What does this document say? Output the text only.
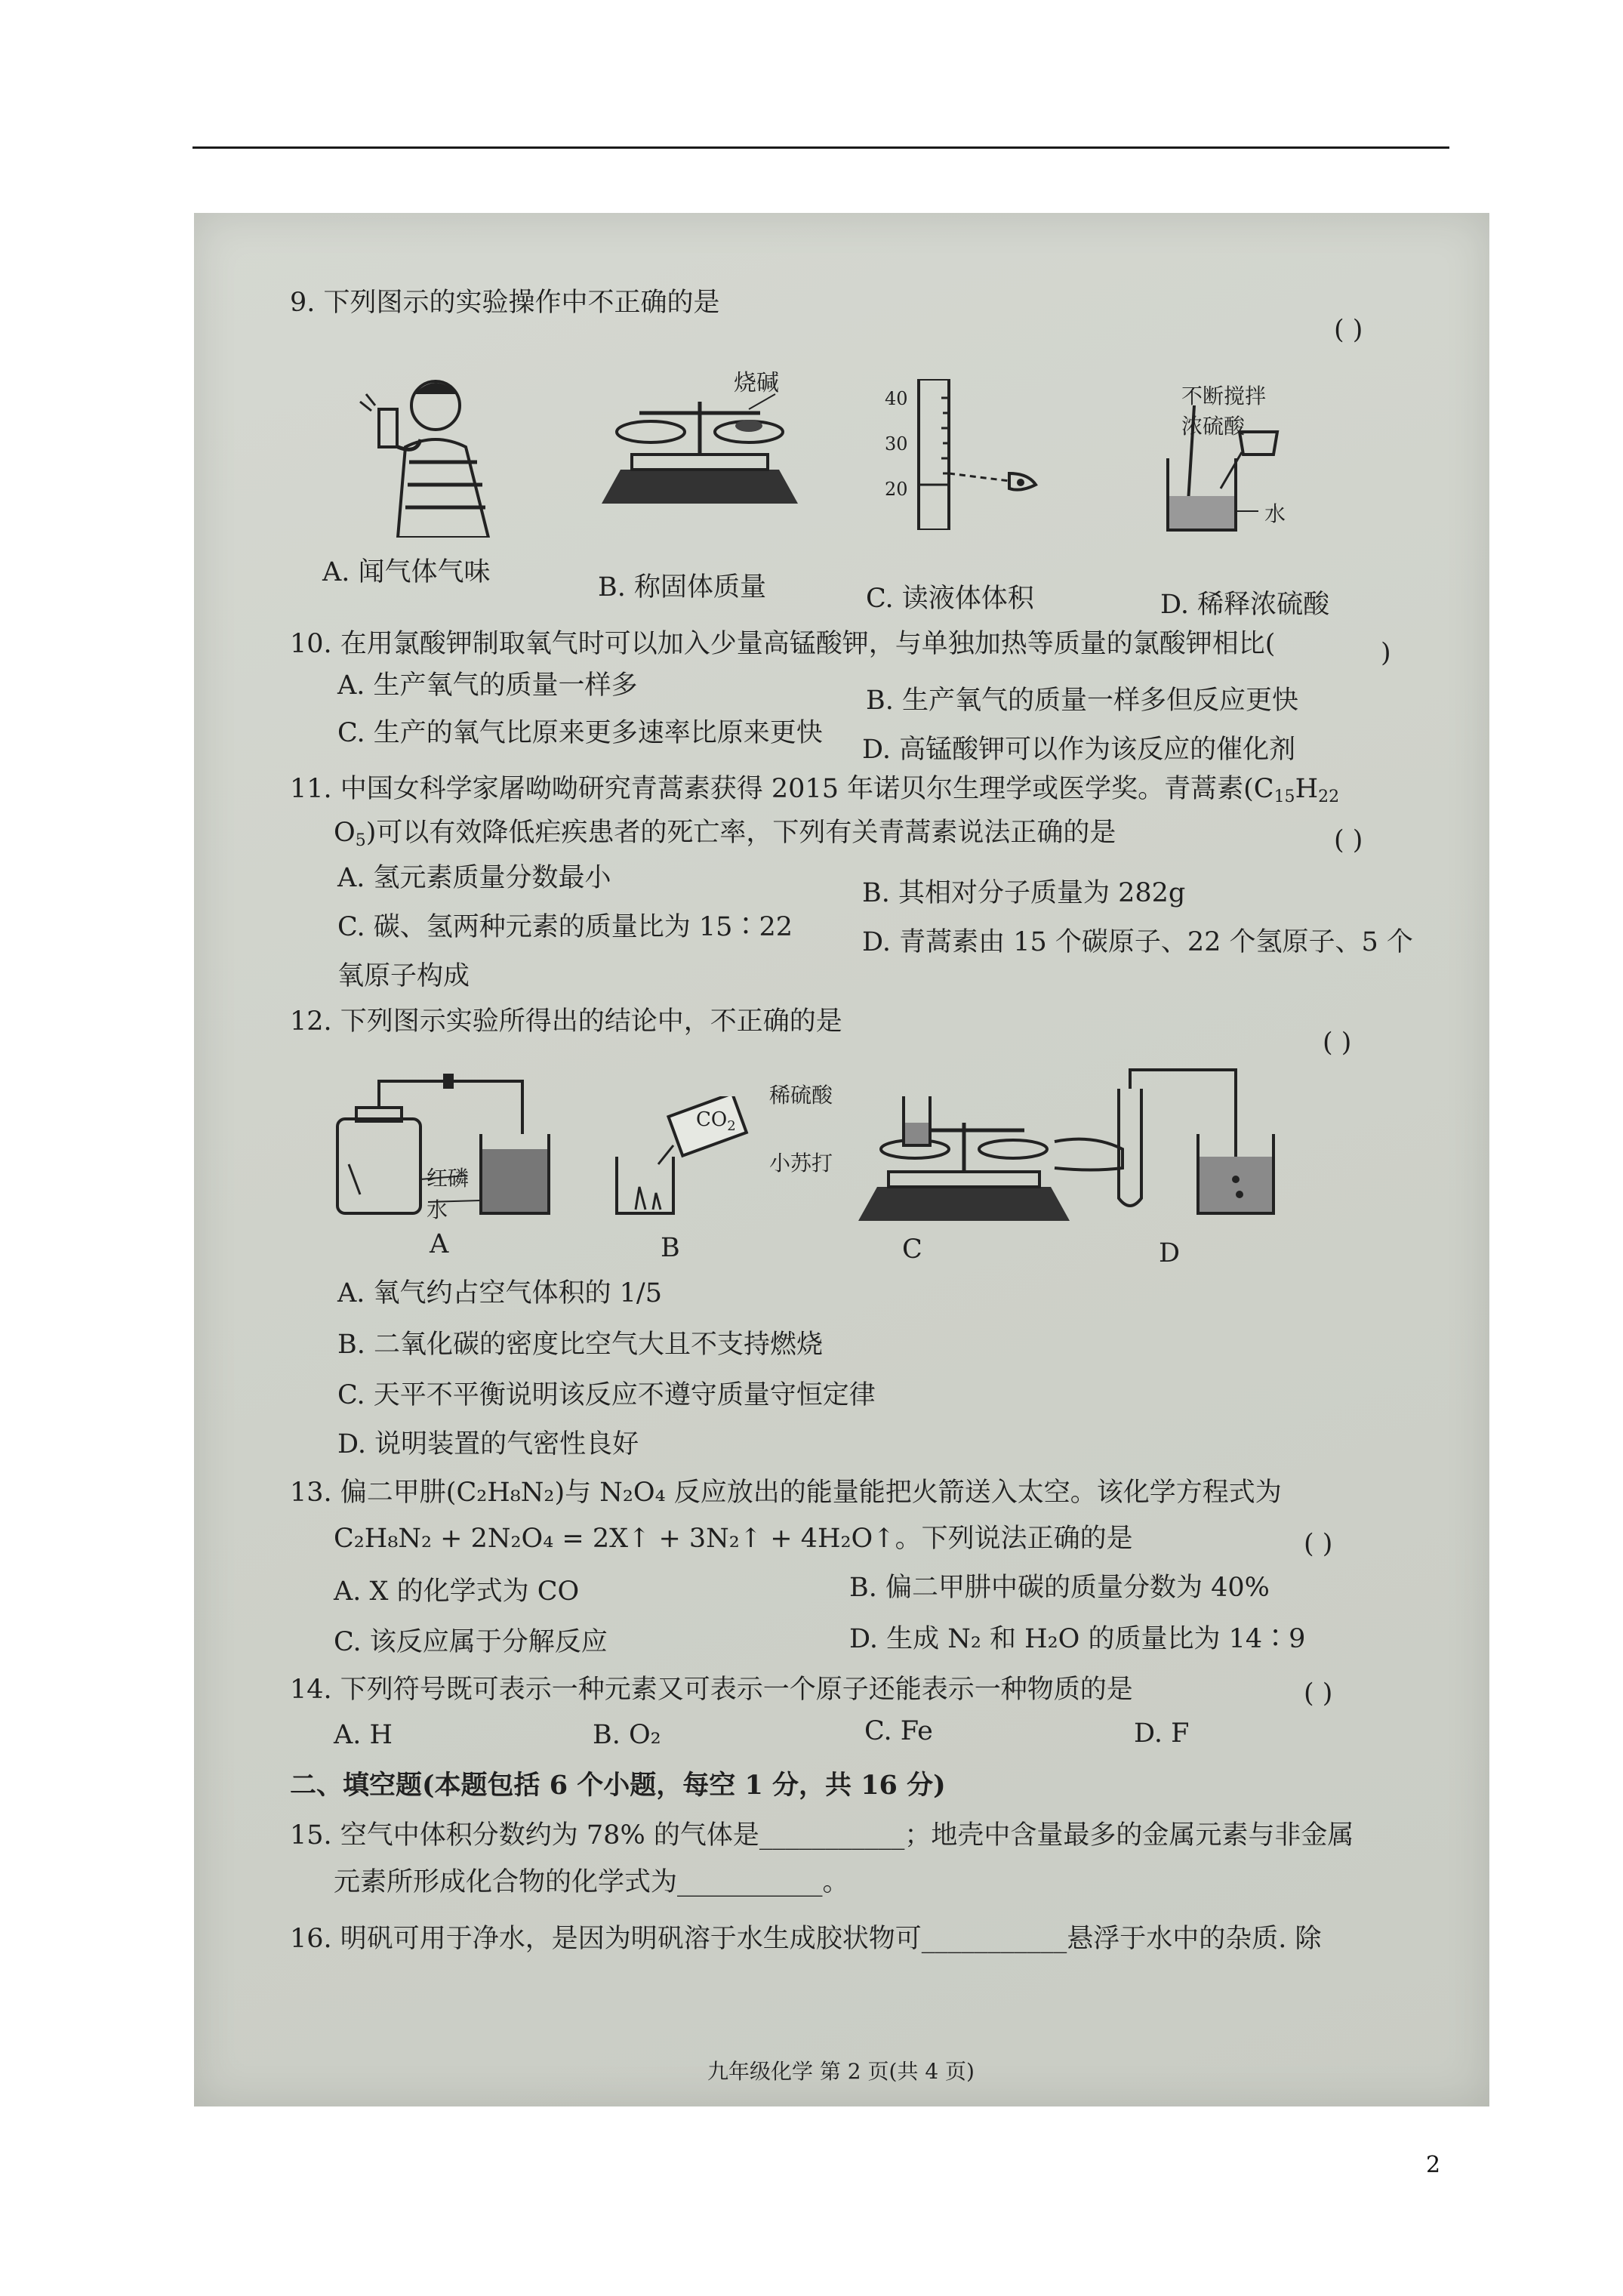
9. 下列图示的实验操作中不正确的是
( )
烧碱
40
30
20
不断搅拌
浓硫酸
水
A. 闻气体气味	B. 称固体质量	C. 读液体体积	D. 稀释浓硫酸
10. 在用氯酸钾制取氧气时可以加入少量高锰酸钾，与单独加热等质量的氯酸钾相比(	)
A. 生产氧气的质量一样多	B. 生产氧气的质量一样多但反应更快
C. 生产的氧气比原来更多速率比原来更快
D. 高锰酸钾可以作为该反应的催化剂
11. 中国女科学家屠呦呦研究青蒿素获得 2015 年诺贝尔生理学或医学奖。青蒿素(C15H22
O5)可以有效降低疟疾患者的死亡率，下列有关青蒿素说法正确的是	( )
A. 氢元素质量分数最小	B. 其相对分子质量为 282g
C. 碳、氢两种元素的质量比为 15∶22	D. 青蒿素由 15 个碳原子、22 个氢原子、5 个
氧原子构成
12. 下列图示实验所得出的结论中，不正确的是
( )
红磷
水
$CO_2$
稀硫酸
小苏打
A	B	C	D
A. 氧气约占空气体积的 1/5
B. 二氧化碳的密度比空气大且不支持燃烧
C. 天平不平衡说明该反应不遵守质量守恒定律
D. 说明装置的气密性良好
13. 偏二甲肼(C₂H₈N₂)与 N₂O₄ 反应放出的能量能把火箭送入太空。该化学方程式为
C₂H₈N₂ + 2N₂O₄ = 2X↑ + 3N₂↑ + 4H₂O↑。下列说法正确的是	( )
A. X 的化学式为 CO	B. 偏二甲肼中碳的质量分数为 40%
C. 该反应属于分解反应	D. 生成 N₂ 和 H₂O 的质量比为 14∶9
14. 下列符号既可表示一种元素又可表示一个原子还能表示一种物质的是	( )
A. H	B. O₂	C. Fe	D. F
二、填空题(本题包括 6 个小题，每空 1 分，共 16 分)
15. 空气中体积分数约为 78% 的气体是___________；地壳中含量最多的金属元素与非金属
元素所形成化合物的化学式为___________。
16. 明矾可用于净水，是因为明矾溶于水生成胶状物可___________悬浮于水中的杂质. 除
九年级化学 第 2 页(共 4 页)
2
